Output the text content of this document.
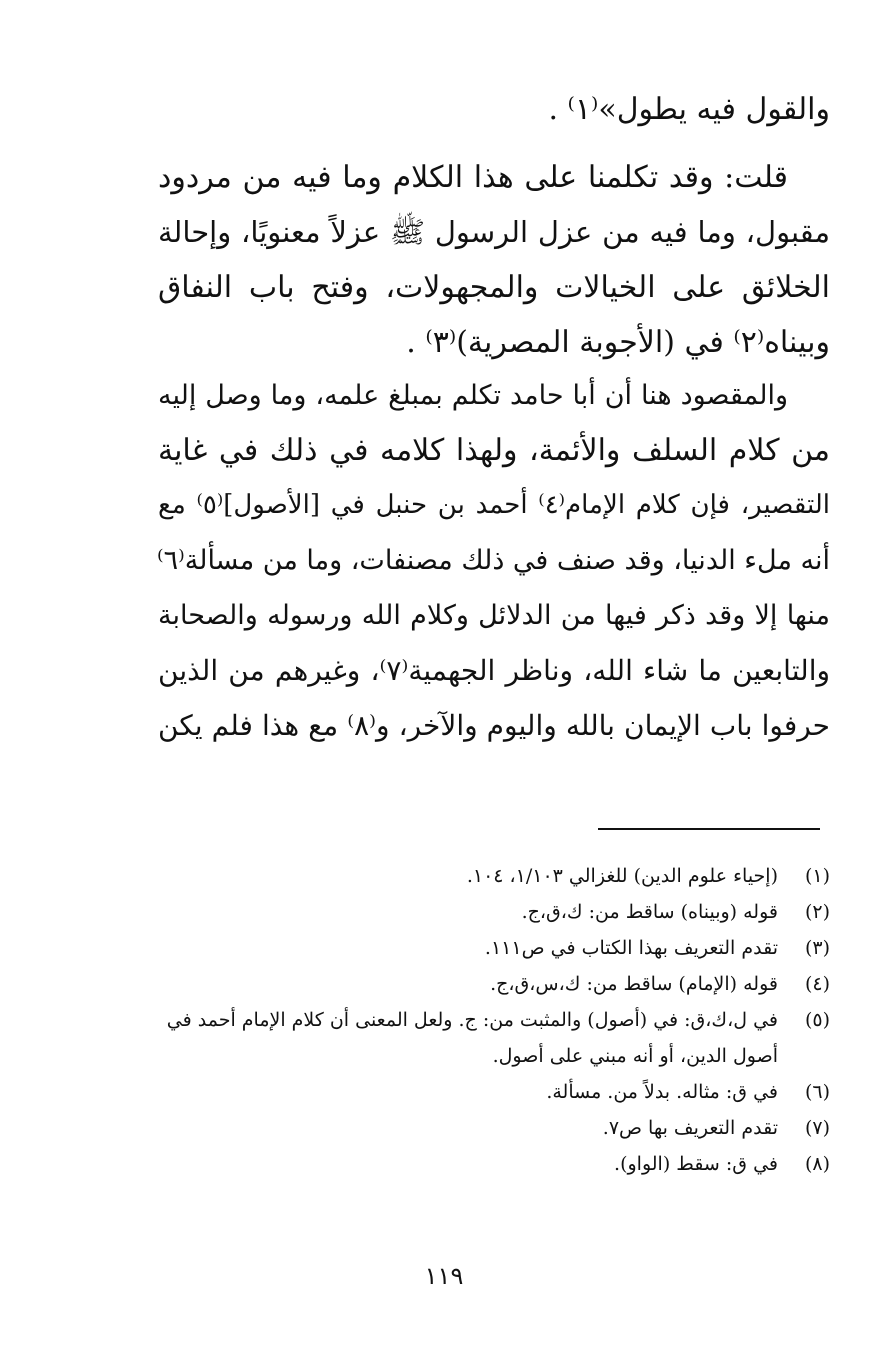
والقول فيه يطول»⁽١⁾ .
قلت: وقد تكلمنا على هذا الكلام وما فيه من مردود
مقبول، وما فيه من عزل الرسول ﷺ عزلاً معنويًا، وإحالة
الخلائق على الخيالات والمجهولات، وفتح باب النفاق
وبيناه⁽٢⁾ في (الأجوبة المصرية)⁽٣⁾ .
والمقصود هنا أن أبا حامد تكلم بمبلغ علمه، وما وصل إليه
من كلام السلف والأئمة، ولهذا كلامه في ذلك في غاية
التقصير، فإن كلام الإمام⁽٤⁾ أحمد بن حنبل في [الأصول]⁽٥⁾ مع
أنه ملء الدنيا، وقد صنف في ذلك مصنفات، وما من مسألة⁽٦⁾
منها إلا وقد ذكر فيها من الدلائل وكلام الله ورسوله والصحابة
والتابعين ما شاء الله، وناظر الجهمية⁽٧⁾، وغيرهم من الذين
حرفوا باب الإيمان بالله واليوم والآخر، و⁽٨⁾ مع هذا فلم يكن
(١)
(إحياء علوم الدين) للغزالي ١/١٠٣، ١٠٤.
(٢)
قوله (وبيناه) ساقط من: ك،ق،ج.
(٣)
تقدم التعريف بهذا الكتاب في ص١١١.
(٤)
قوله (الإمام) ساقط من: ك،س،ق،ج.
(٥)
في ل،ك،ق: في (أصول) والمثبت من: ج. ولعل المعنى أن كلام الإمام أحمد في أصول الدين، أو أنه مبني على أصول.
(٦)
في ق: مثاله. بدلاً من. مسألة.
(٧)
تقدم التعريف بها ص٧.
(٨)
في ق: سقط (الواو).
١١٩
